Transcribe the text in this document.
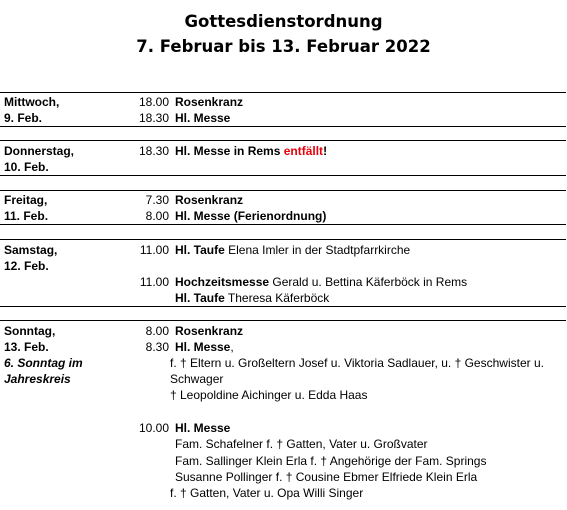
Gottesdienstordnung
7. Februar bis 13. Februar 2022
Mittwoch,
9. Feb.
18.00 Rosenkranz
18.30 Hl. Messe
Donnerstag,
10. Feb.
18.30 Hl. Messe in Rems entfällt!
Freitag,
11. Feb.
7.30 Rosenkranz
8.00 Hl. Messe (Ferienordnung)
Samstag,
12. Feb.
11.00 Hl. Taufe Elena Imler in der Stadtpfarrkirche
11.00 Hochzeitsmesse Gerald u. Bettina Käferböck in Rems
Hl. Taufe Theresa Käferböck
Sonntag,
13. Feb.
6. Sonntag im
Jahreskreis
8.00 Rosenkranz
8.30 Hl. Messe,
f. † Eltern u. Großeltern Josef u. Viktoria Sadlauer, u. † Geschwister u.
Schwager
† Leopoldine Aichinger u. Edda Haas
10.00 Hl. Messe
Fam. Schafelner f. † Gatten, Vater u. Großvater
Fam. Sallinger Klein Erla f. † Angehörige der Fam. Springs
Susanne Pollinger f. † Cousine Ebmer Elfriede Klein Erla
f. † Gatten, Vater u. Opa Willi Singer
